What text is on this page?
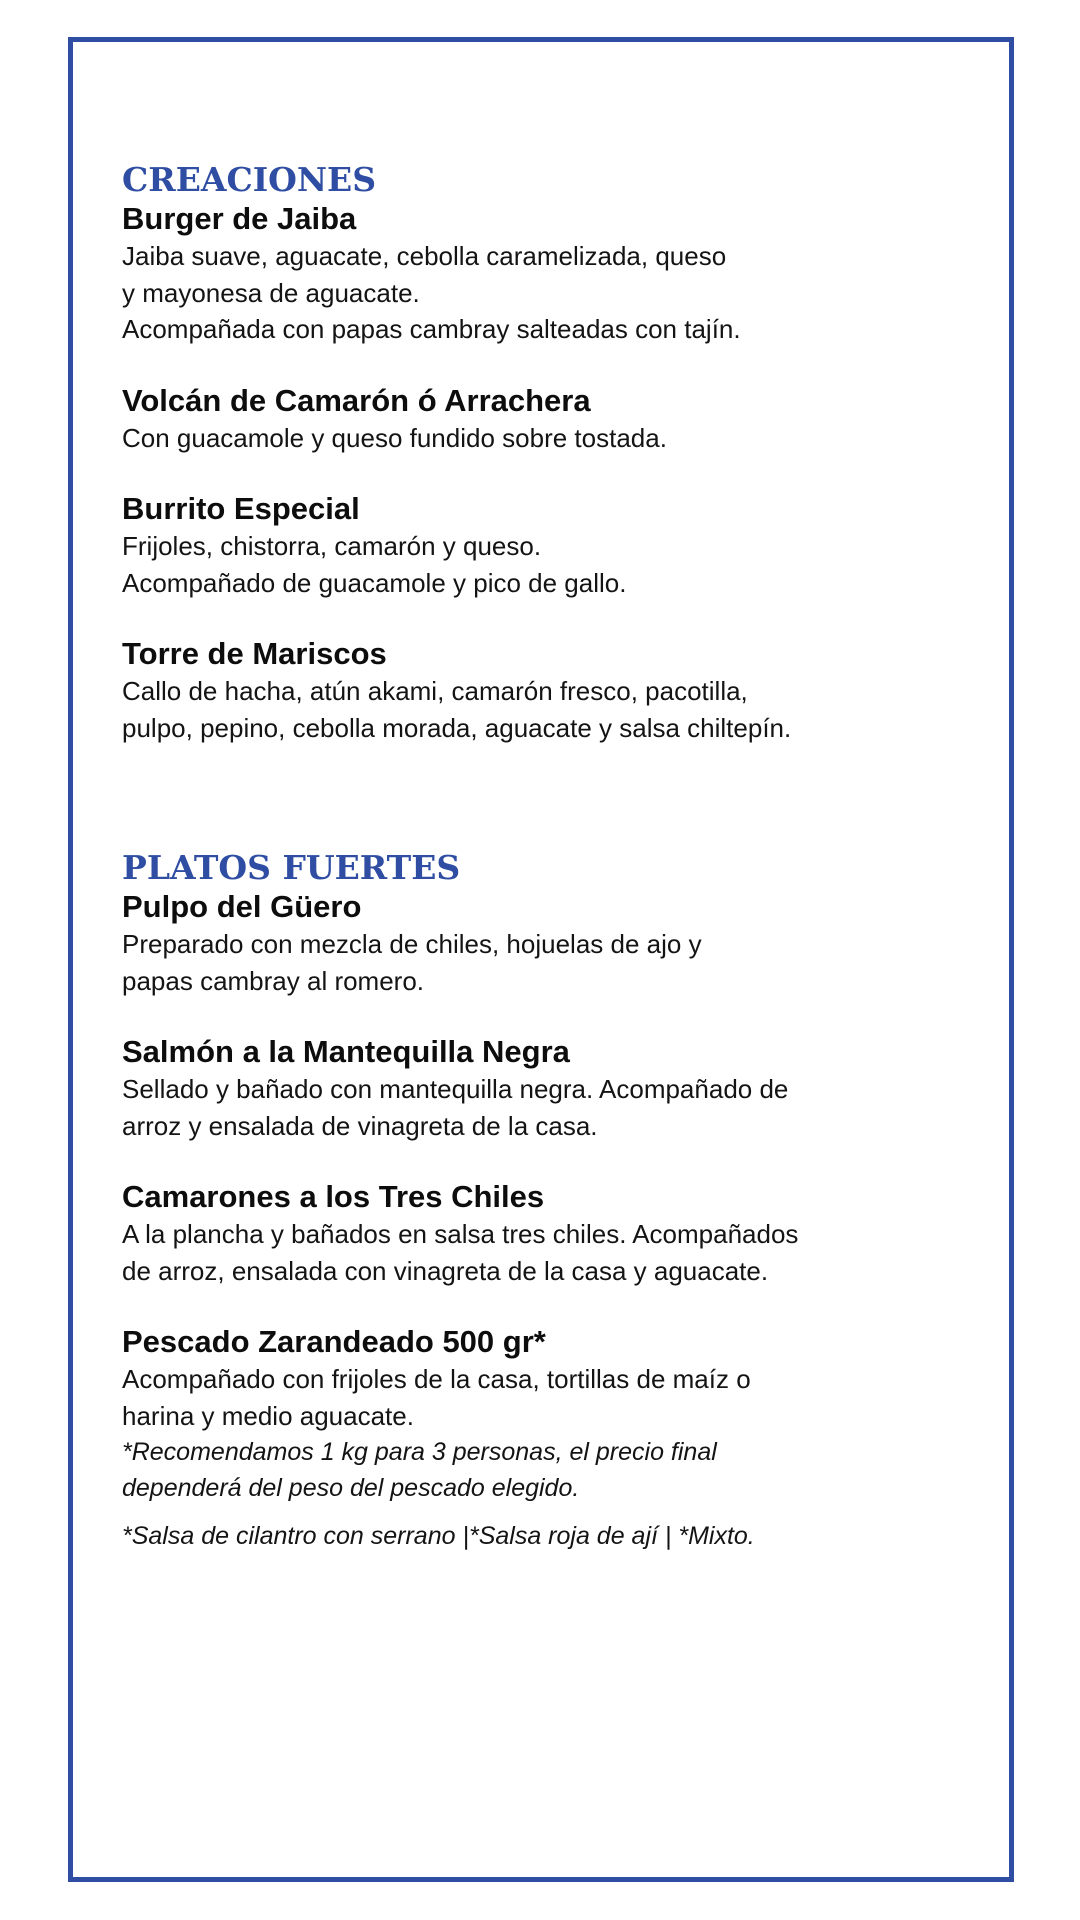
CREACIONES

Burger de Jaiba

Jaiba suave, aguacate, cebolla caramelizada, queso

y mayonesa de aguacate.

Acompañada con papas cambray salteadas con tajín.

Volcán de Camarón ó Arrachera

Con guacamole y queso fundido sobre tostada.

Burrito Especial

Frijoles, chistorra, camarón y queso.

Acompañado de guacamole y pico de gallo.

Torre de Mariscos

Callo de hacha, atún akami, camarón fresco, pacotilla,

pulpo, pepino, cebolla morada, aguacate y salsa chiltepín.

PLATOS FUERTES

Pulpo del Güero

Preparado con mezcla de chiles, hojuelas de ajo y

papas cambray al romero.

Salmón a la Mantequilla Negra

Sellado y bañado con mantequilla negra. Acompañado de

arroz y ensalada de vinagreta de la casa.

Camarones a los Tres Chiles

A la plancha y bañados en salsa tres chiles. Acompañados

de arroz, ensalada con vinagreta de la casa y aguacate.

Pescado Zarandeado 500 gr*

Acompañado con frijoles de la casa, tortillas de maíz o

harina y medio aguacate.

*Recomendamos 1 kg para 3 personas, el precio final

dependerá del peso del pescado elegido.

*Salsa de cilantro con serrano |*Salsa roja de ají | *Mixto.
